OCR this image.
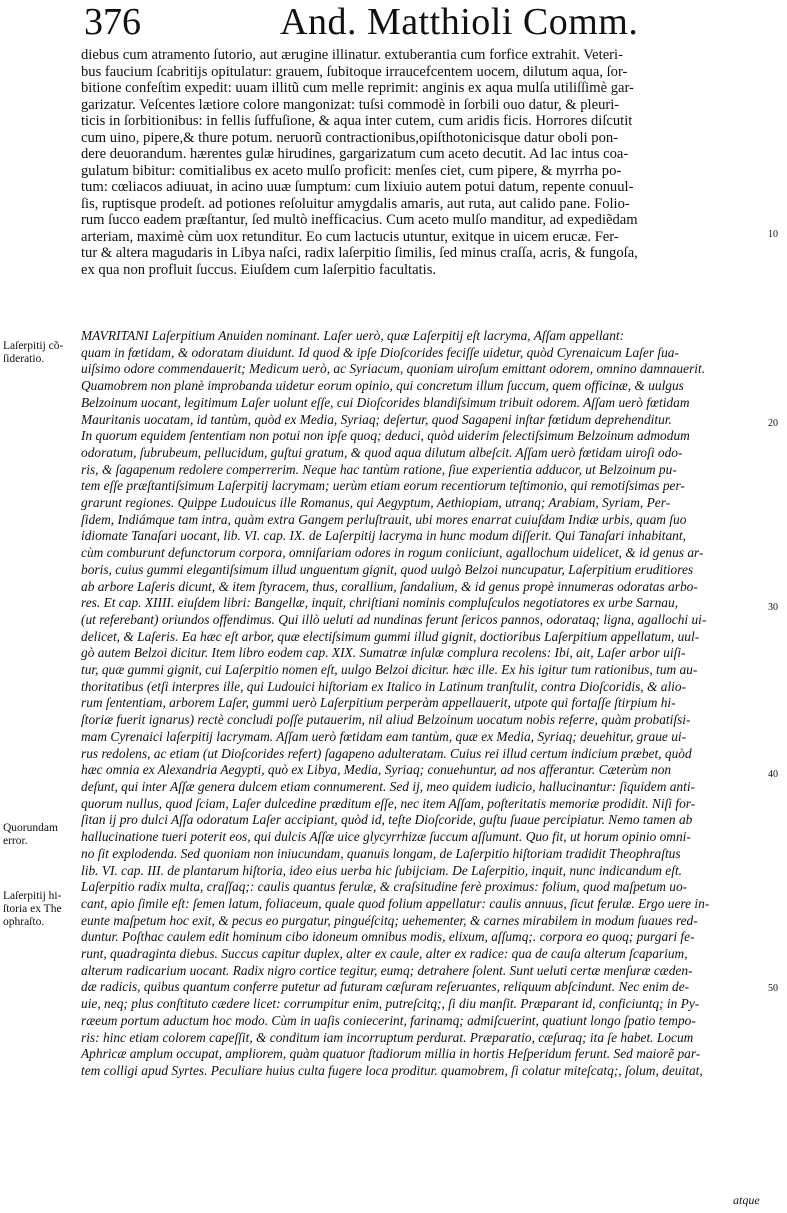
376	And. Matthioli Comm.
diebus cum atramento ſutorio, aut ærugine illinatur. extuberantia cum forfice extrahit. Veteri-
bus faucium ſcabritijs opitulatur: grauem, ſubitoque irraucefcentem uocem, dilutum aqua, ſor-
bitione confeſtim expedit: uuam illitũ cum melle reprimit: anginis ex aqua mulſa utiliſſimè gar-
garizatur. Veſcentes lætiore colore mangonizat: tuſsi commodè in ſorbili ouo datur, & pleuri-
ticis in ſorbitionibus: in fellis ſuffuſione, & aqua inter cutem, cum aridis ficis. Horrores diſcutit
cum uino, pipere,& thure potum. neruorũ contractionibus,opiſthotonicisque datur oboli pon-
dere deuorandum. hærentes gulæ hirudines, gargarizatum cum aceto decutit. Ad lac intus coa-
gulatum bibitur: comitialibus ex aceto mulſo proficit: menſes ciet, cum pipere, & myrrha po-
tum: cœliacos adiuuat, in acino uuæ ſumptum: cum lixiuio autem potui datum, repente conuul-
ſis, ruptisque prodeſt. ad potiones reſoluitur amygdalis amaris, aut ruta, aut calido pane. Folio-
rum ſucco eadem præſtantur, ſed multò inefficacius. Cum aceto mulſo manditur, ad expediẽdam
arteriam, maximè cùm uox retunditur. Eo cum lactucis utuntur, exitque in uicem erucæ. Fer-
tur & altera magudaris in Libya naſci, radix laſerpitio ſimilis, ſed minus craſſa, acris, & fungoſa,
ex qua non profluit ſuccus. Eiuſdem cum laſerpitio facultatis.
MAVRITANI Laſerpitium Anuiden nominant. Laſer uerò, quæ Laſerpitij eſt lacryma, Aſſam appellant:
quam in fœtidam, & odoratam diuidunt. Id quod & ipſe Dioſcorides feciſſe uidetur, quòd Cyrenaicum Laſer ſua-
uiſsimo odore commendauerit; Medicum uerò, ac Syriacum, quoniam uiroſum emittant odorem, omnino damnauerit.
Quamobrem non planè improbanda uidetur eorum opinio, qui concretum illum ſuccum, quem officinæ, & uulgus
Belzoinum uocant, legitimum Laſer uolunt eſſe, cui Dioſcorides blandiſsimum tribuit odorem. Aſſam uerò fœtidam
Mauritanis uocatam, id tantùm, quòd ex Media, Syriaq; deſertur, quod Sagapeni inſtar fœtidum deprehenditur.
In quorum equidem ſententiam non potui non ipſe quoq; deduci, quòd uiderim ſelectiſsimum Belzoinum admodum
odoratum, ſubrubeum, pellucidum, guſtui gratum, & quod aqua dilutum albeſcit. Aſſam uerò fœtidam uiroſi odo-
ris, & ſagapenum redolere comperrerim. Neque hac tantùm ratione, ſiue experientia adducor, ut Belzoinum pu-
tem eſſe præſtantiſsimum Laſerpitij lacrymam; uerùm etiam eorum recentiorum teſtimonio, qui remotiſsimas per-
grarunt regiones. Quippe Ludouicus ille Romanus, qui Aegyptum, Aethiopiam, utranq; Arabiam, Syriam, Per-
ſidem, Indiámque tam intra, quàm extra Gangem perluſtrauit, ubi mores enarrat cuiuſdam Indiæ urbis, quam ſuo
idiomate Tanaſari uocant, lib. VI. cap. IX. de Laſerpitij lacryma in hunc modum diſſerit. Qui Tanaſari inhabitant,
cùm comburunt defunctorum corpora, omniſariam odores in rogum coniiciunt, agallochum uidelicet, & id genus ar-
boris, cuius gummi elegantiſsimum illud unguentum gignit, quod uulgò Belzoi nuncupatur, Laſerpitium eruditiores
ab arbore Laſeris dicunt, & item ſtyracem, thus, corallium, ſandalium, & id genus propè innumeras odoratas arbo-
res. Et cap. XIIII. eiuſdem libri: Bangellæ, inquit, chriſtiani nominis compluſculos negotiatores ex urbe Sarnau,
(ut referebant) oriundos offendimus. Qui illò ueluti ad nundinas ferunt ſericos pannos, odorataq; ligna, agallochi ui-
delicet, & Laſeris. Ea hæc eſt arbor, quæ electiſsimum gummi illud gignit, doctioribus Laſerpitium appellatum, uul-
gò autem Belzoi dicitur. Item libro eodem cap. XIX. Sumatræ inſulæ complura recolens: Ibi, ait, Laſer arbor uiſi-
tur, quæ gummi gignit, cui Laſerpitio nomen eſt, uulgo Belzoi dicitur. hæc ille. Ex his igitur tum rationibus, tum au-
thoritatibus (etſi interpres ille, qui Ludouici hiſtoriam ex Italico in Latinum tranſtulit, contra Dioſcoridis, & alio-
rum ſententiam, arborem Laſer, gummi uerò Laſerpitium perperàm appellauerit, utpote qui fortaſſe ſtirpium hi-
ſtoriæ fuerit ignarus) rectè concludi poſſe putauerim, nil aliud Belzoinum uocatum nobis referre, quàm probatiſsi-
mam Cyrenaici laſerpitij lacrymam. Aſſam uerò fœtidam eam tantùm, quæ ex Media, Syriaq; deuehitur, graue ui-
rus redolens, ac etiam (ut Dioſcorides refert) ſagapeno adulteratam. Cuius rei illud certum indicium præbet, quòd
hæc omnia ex Alexandria Aegypti, quò ex Libya, Media, Syriaq; conuehuntur, ad nos afferantur. Cæterùm non
deſunt, qui inter Aſſæ genera dulcem etiam connumerent. Sed ij, meo quidem iudicio, hallucinantur: ſiquidem anti-
quorum nullus, quod ſciam, Laſer dulcedine præditum eſſe, nec item Aſſam, poſteritatis memoriæ prodidit. Niſi for-
ſitan ij pro dulci Aſſa odoratum Laſer accipiant, quòd id, teſte Dioſcoride, guſtu ſuaue percipiatur. Nemo tamen ab
hallucinatione tueri poterit eos, qui dulcis Aſſæ uice glycyrrhizæ ſuccum aſſumunt. Quo fit, ut horum opinio omni-
no ſit explodenda. Sed quoniam non iniucundam, quanuis longam, de Laſerpitio hiſtoriam tradidit Theophraſtus
lib. VI. cap. III. de plantarum hiſtoria, ideo eius uerba hic ſubijciam. De Laſerpitio, inquit, nunc indicandum eſt.
Laſerpitio radix multa, craſſaq;: caulis quantus ferulæ, & craſsitudine ferè proximus: folium, quod maſpetum uo-
cant, apio ſimile eſt: ſemen latum, foliaceum, quale quod folium appellatur: caulis annuus, ſicut ferulæ. Ergo uere in-
eunte maſpetum hoc exit, & pecus eo purgatur, pinguéſcitq; uehementer, & carnes mirabilem in modum ſuaues red-
duntur. Poſthac caulem edit hominum cibo idoneum omnibus modis, elixum, aſſumq;. corpora eo quoq; purgari fe-
runt, quadraginta diebus. Succus capitur duplex, alter ex caule, alter ex radice: qua de cauſa alterum ſcaparium,
alterum radicarium uocant. Radix nigro cortice tegitur, eumq; detrahere ſolent. Sunt ueluti certæ menſuræ cæden-
dæ radicis, quibus quantum conferre putetur ad futuram cæſuram reſeruantes, reliquum abſcindunt. Nec enim de-
uie, neq; plus conſtituto cædere licet: corrumpitur enim, putreſcitq;, ſi diu manſit. Præparant id, conficiuntq; in Py-
ræeum portum aductum hoc modo. Cùm in uaſis coniecerint, farinamq; admiſcuerint, quatiunt longo ſpatio tempo-
ris: hinc etiam colorem capeſſit, & conditum iam incorruptum perdurat. Præparatio, cæſuraq; ita ſe habet. Locum
Aphricæ amplum occupat, ampliorem, quàm quatuor ſtadiorum millia in hortis Heſperidum ferunt. Sed maiorẽ par-
tem colligi apud Syrtes. Peculiare huius culta fugere loca proditur. quamobrem, ſi colatur miteſcatq;, ſolum, deuitat,
Laſerpitij cõ-
ſideratio.
Quorundam
error.
Laſerpitij hi-
ſtoria ex The
ophraſto.
10
20
30
40
50
atque
